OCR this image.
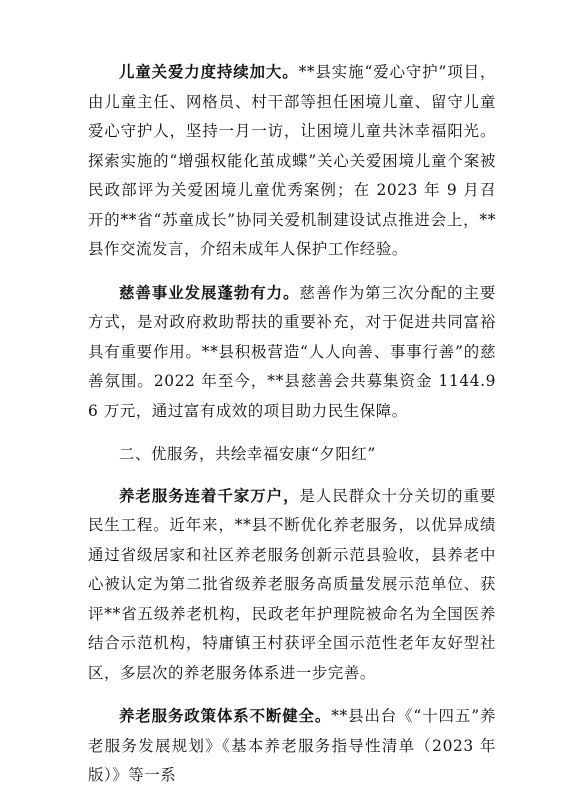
儿童关爱力度持续加大。**县实施“爱心守护”项目，由儿童主任、网格员、村干部等担任困境儿童、留守儿童爱心守护人，坚持一月一访，让困境儿童共沐幸福阳光。探索实施的“增强权能化茧成蝶”关心关爱困境儿童个案被民政部评为关爱困境儿童优秀案例；在 2023 年 9 月召开的**省“苏童成长”协同关爱机制建设试点推进会上，**县作交流发言，介绍未成年人保护工作经验。

慈善事业发展蓬勃有力。慈善作为第三次分配的主要方式，是对政府救助帮扶的重要补充，对于促进共同富裕具有重要作用。**县积极营造“人人向善、事事行善”的慈善氛围。2022 年至今，**县慈善会共募集资金 1144.96 万元，通过富有成效的项目助力民生保障。

二、优服务，共绘幸福安康“夕阳红”

养老服务连着千家万户，是人民群众十分关切的重要民生工程。近年来，**县不断优化养老服务，以优异成绩通过省级居家和社区养老服务创新示范县验收，县养老中心被认定为第二批省级养老服务高质量发展示范单位、获评**省五级养老机构，民政老年护理院被命名为全国医养结合示范机构，特庸镇王村获评全国示范性老年友好型社区，多层次的养老服务体系进一步完善。

养老服务政策体系不断健全。**县出台《“十四五”养老服务发展规划》《基本养老服务指导性清单（2023 年版）》等一系
